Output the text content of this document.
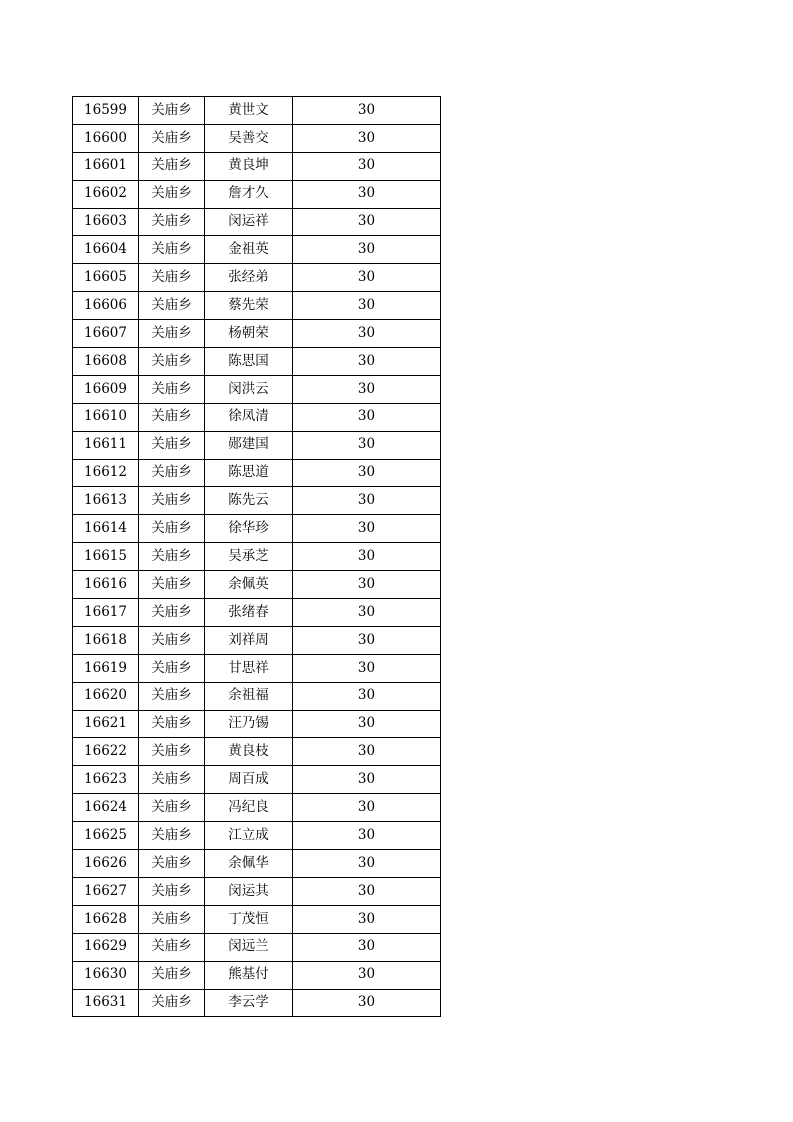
16599	关庙乡	黄世文	30
16600	关庙乡	吴善交	30
16601	关庙乡	黄良坤	30
16602	关庙乡	詹才久	30
16603	关庙乡	闵运祥	30
16604	关庙乡	金祖英	30
16605	关庙乡	张经弟	30
16606	关庙乡	蔡先荣	30
16607	关庙乡	杨朝荣	30
16608	关庙乡	陈思国	30
16609	关庙乡	闵洪云	30
16610	关庙乡	徐凤清	30
16611	关庙乡	郧建国	30
16612	关庙乡	陈思道	30
16613	关庙乡	陈先云	30
16614	关庙乡	徐华珍	30
16615	关庙乡	吴承芝	30
16616	关庙乡	余佩英	30
16617	关庙乡	张绪春	30
16618	关庙乡	刘祥周	30
16619	关庙乡	甘思祥	30
16620	关庙乡	余祖福	30
16621	关庙乡	汪乃锡	30
16622	关庙乡	黄良枝	30
16623	关庙乡	周百成	30
16624	关庙乡	冯纪良	30
16625	关庙乡	江立成	30
16626	关庙乡	余佩华	30
16627	关庙乡	闵运其	30
16628	关庙乡	丁茂恒	30
16629	关庙乡	闵远兰	30
16630	关庙乡	熊基付	30
16631	关庙乡	李云学	30
